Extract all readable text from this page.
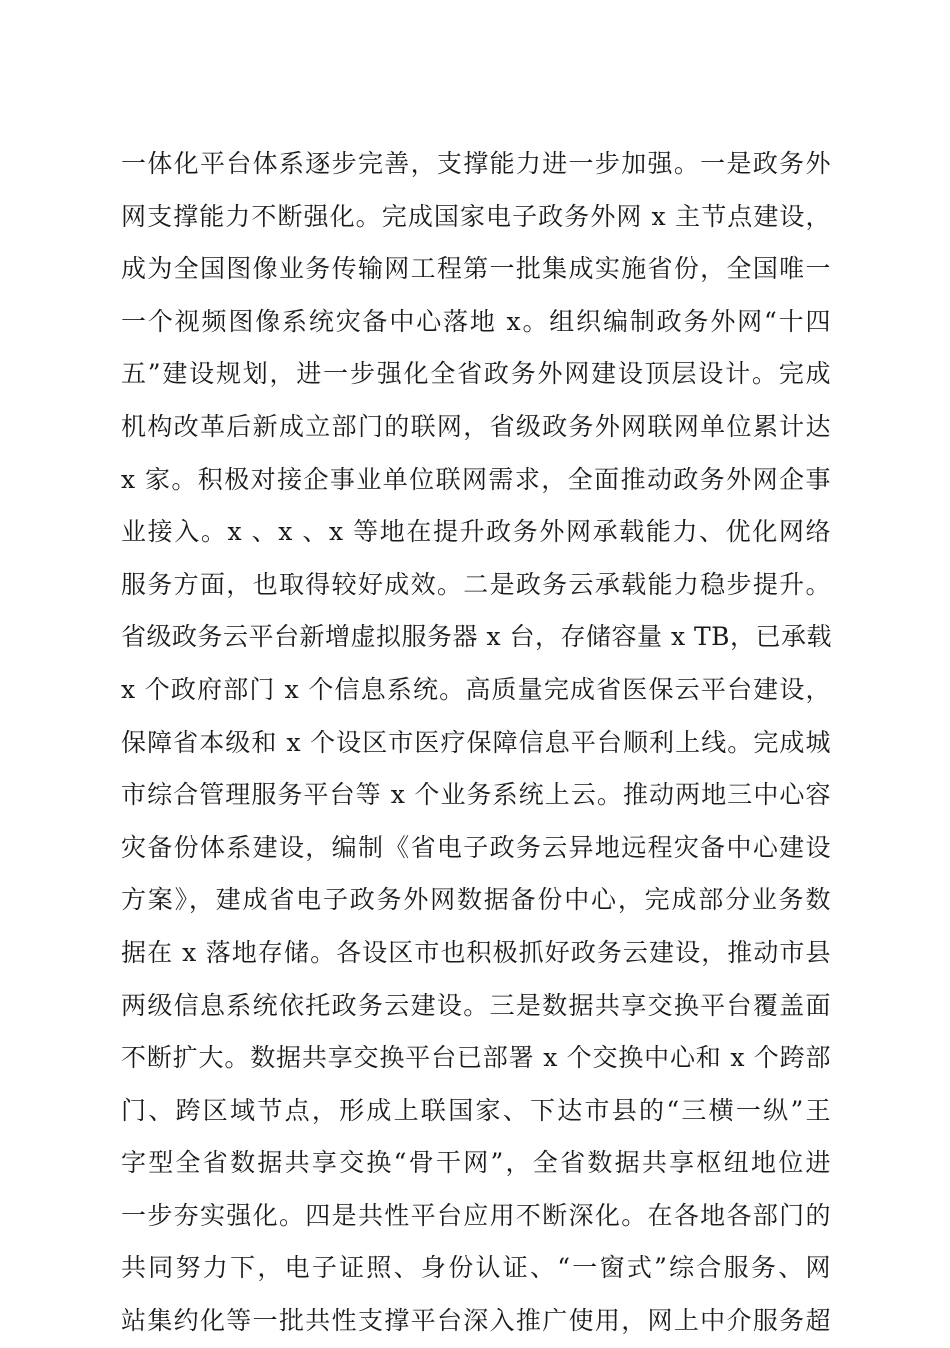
一体化平台体系逐步完善，支撑能力进一步加强。一是政务外
网支撑能力不断强化。完成国家电子政务外网 x 主节点建设，
成为全国图像业务传输网工程第一批集成实施省份，全国唯一
一个视频图像系统灾备中心落地 x。组织编制政务外网“十四
五”建设规划，进一步强化全省政务外网建设顶层设计。完成
机构改革后新成立部门的联网，省级政务外网联网单位累计达
x 家。积极对接企事业单位联网需求，全面推动政务外网企事
业接入。x 、x 、x 等地在提升政务外网承载能力、优化网络
服务方面，也取得较好成效。二是政务云承载能力稳步提升。
省级政务云平台新增虚拟服务器 x 台，存储容量 x TB，已承载
x 个政府部门 x 个信息系统。高质量完成省医保云平台建设，
保障省本级和 x 个设区市医疗保障信息平台顺利上线。完成城
市综合管理服务平台等 x 个业务系统上云。推动两地三中心容
灾备份体系建设，编制《省电子政务云异地远程灾备中心建设
方案》，建成省电子政务外网数据备份中心，完成部分业务数
据在 x 落地存储。各设区市也积极抓好政务云建设，推动市县
两级信息系统依托政务云建设。三是数据共享交换平台覆盖面
不断扩大。数据共享交换平台已部署 x 个交换中心和 x 个跨部
门、跨区域节点，形成上联国家、下达市县的“三横一纵”王
字型全省数据共享交换“骨干网”，全省数据共享枢纽地位进
一步夯实强化。四是共性平台应用不断深化。在各地各部门的
共同努力下，电子证照、身份认证、“一窗式”综合服务、网
站集约化等一批共性支撑平台深入推广使用，网上中介服务超
